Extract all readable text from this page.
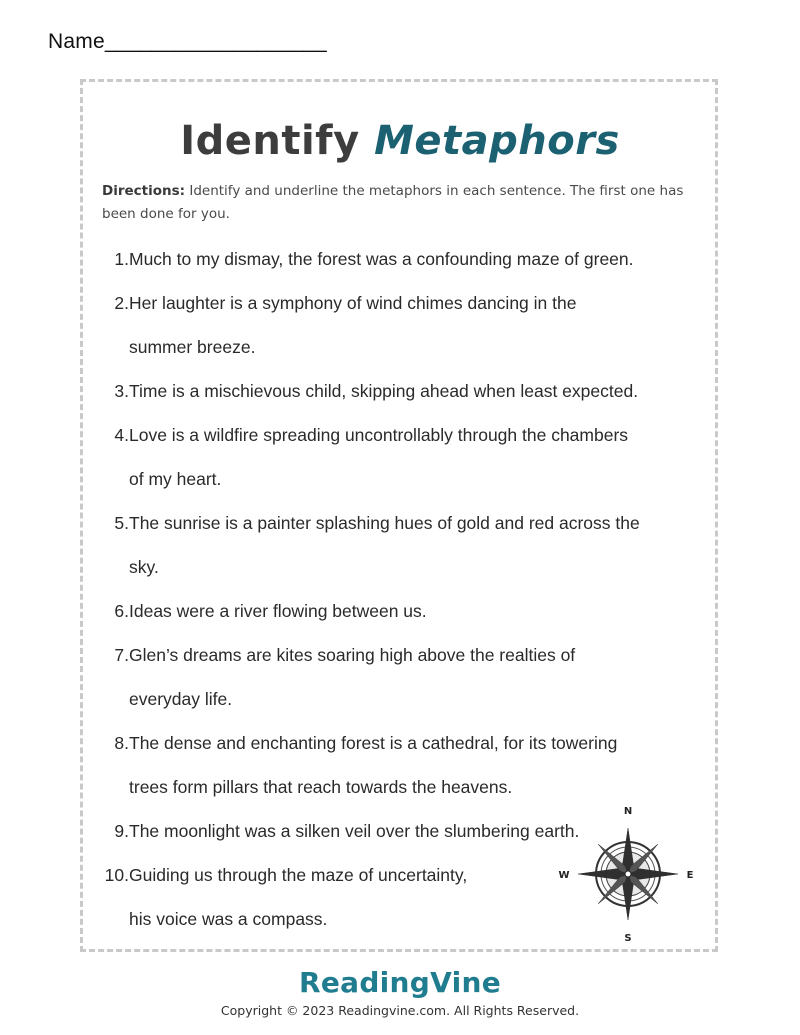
Name___________________
Identify Metaphors
Directions: Identify and underline the metaphors in each sentence. The first one has been done for you.
1. Much to my dismay, the forest was a confounding maze of green.
2. Her laughter is a symphony of wind chimes dancing in the
summer breeze.
3. Time is a mischievous child, skipping ahead when least expected.
4. Love is a wildfire spreading uncontrollably through the chambers
of my heart.
5. The sunrise is a painter splashing hues of gold and red across the
sky.
6. Ideas were a river flowing between us.
7. Glen’s dreams are kites soaring high above the realties of
everyday life.
8. The dense and enchanting forest is a cathedral, for its towering
trees form pillars that reach towards the heavens.
9. The moonlight was a silken veil over the slumbering earth.
10. Guiding us through the maze of uncertainty,
his voice was a compass.
N
S
W	E
ReadingVine
Copyright © 2023 Readingvine.com. All Rights Reserved.
